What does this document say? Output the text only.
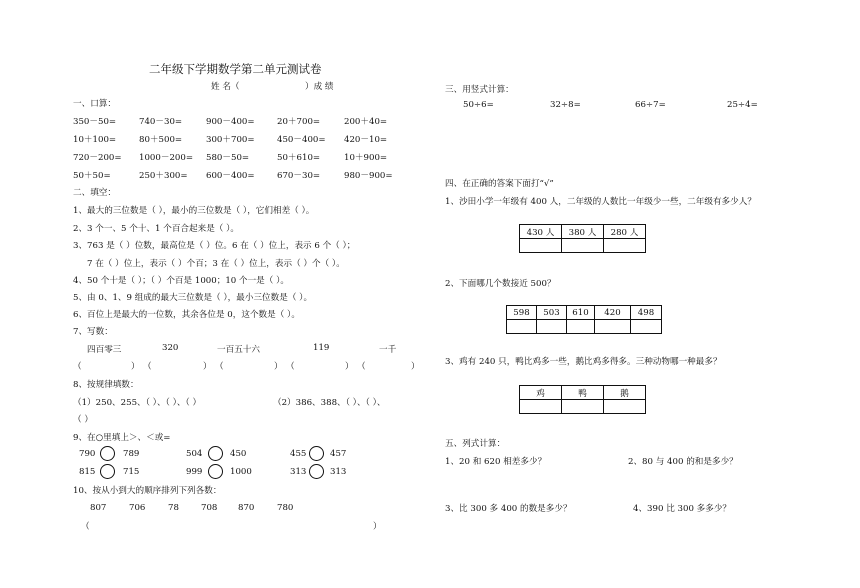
二年级下学期数学第二单元测试卷
姓 名（	）成 绩
一、口算：
350－50=	740－30=	900－400=	20＋700=	200＋40=
10＋100=	80＋500=	300＋700=	450－400= 420－10=
720－200= 1000－200= 580－50=	50＋610=	10＋900=
50＋50=	250＋300= 600－400=	670－30=	980－900=
二、填空：
1、最大的三位数是（ ），最小的三位数是（ ），它们相差（ ）。
2、3 个一、5 个十、1 个百合起来是（ ）。
3、763 是（ ）位数，最高位是（ ）位。6 在（ ）位上，表示 6 个（ ）；
7 在（ ）位上，表示（ ）个百；3 在（ ）位上，表示（ ）个（ ）。
4、50 个十是（ ）；（ ）个百是 1000；10 个一是（ ）。
5、由 0、1、9 组成的最大三位数是（ ），最小三位数是（ ）。
6、百位上是最大的一位数，其余各位是 0，这个数是（ ）。
7、写数：
四百零三	320	一百五十六	119	一千
（	） （	） （	） （	） （	）
8、按规律填数：
（1）250、255、（ ）、（ ）、（ ）	（2）386、388、（ ）、（ ）、
（ ）
9、在○里填上＞、＜或=
790	789	504	450	455	457
815	715	999	1000	313	313
10、按从小到大的顺序排列下列各数：
807	706	78	708 870	780
（	）
三、用竖式计算：
50÷6=	32÷8=	66÷7=	25÷4=
四、在正确的答案下面打“√”
1、沙田小学一年级有 400 人，二年级的人数比一年级少一些，二年级有多少人？
430 人	380 人	280 人

2、下面哪几个数接近 500？
598	503	610	420	498

3、鸡有 240 只，鸭比鸡多一些，鹅比鸡多得多。三种动物哪一种最多？
鸡	鸭	鹅

五、列式计算：
1、20 和 620 相差多少？	2、80 与 400 的和是多少？
3、比 300 多 400 的数是多少？	4、390 比 300 多多少？
